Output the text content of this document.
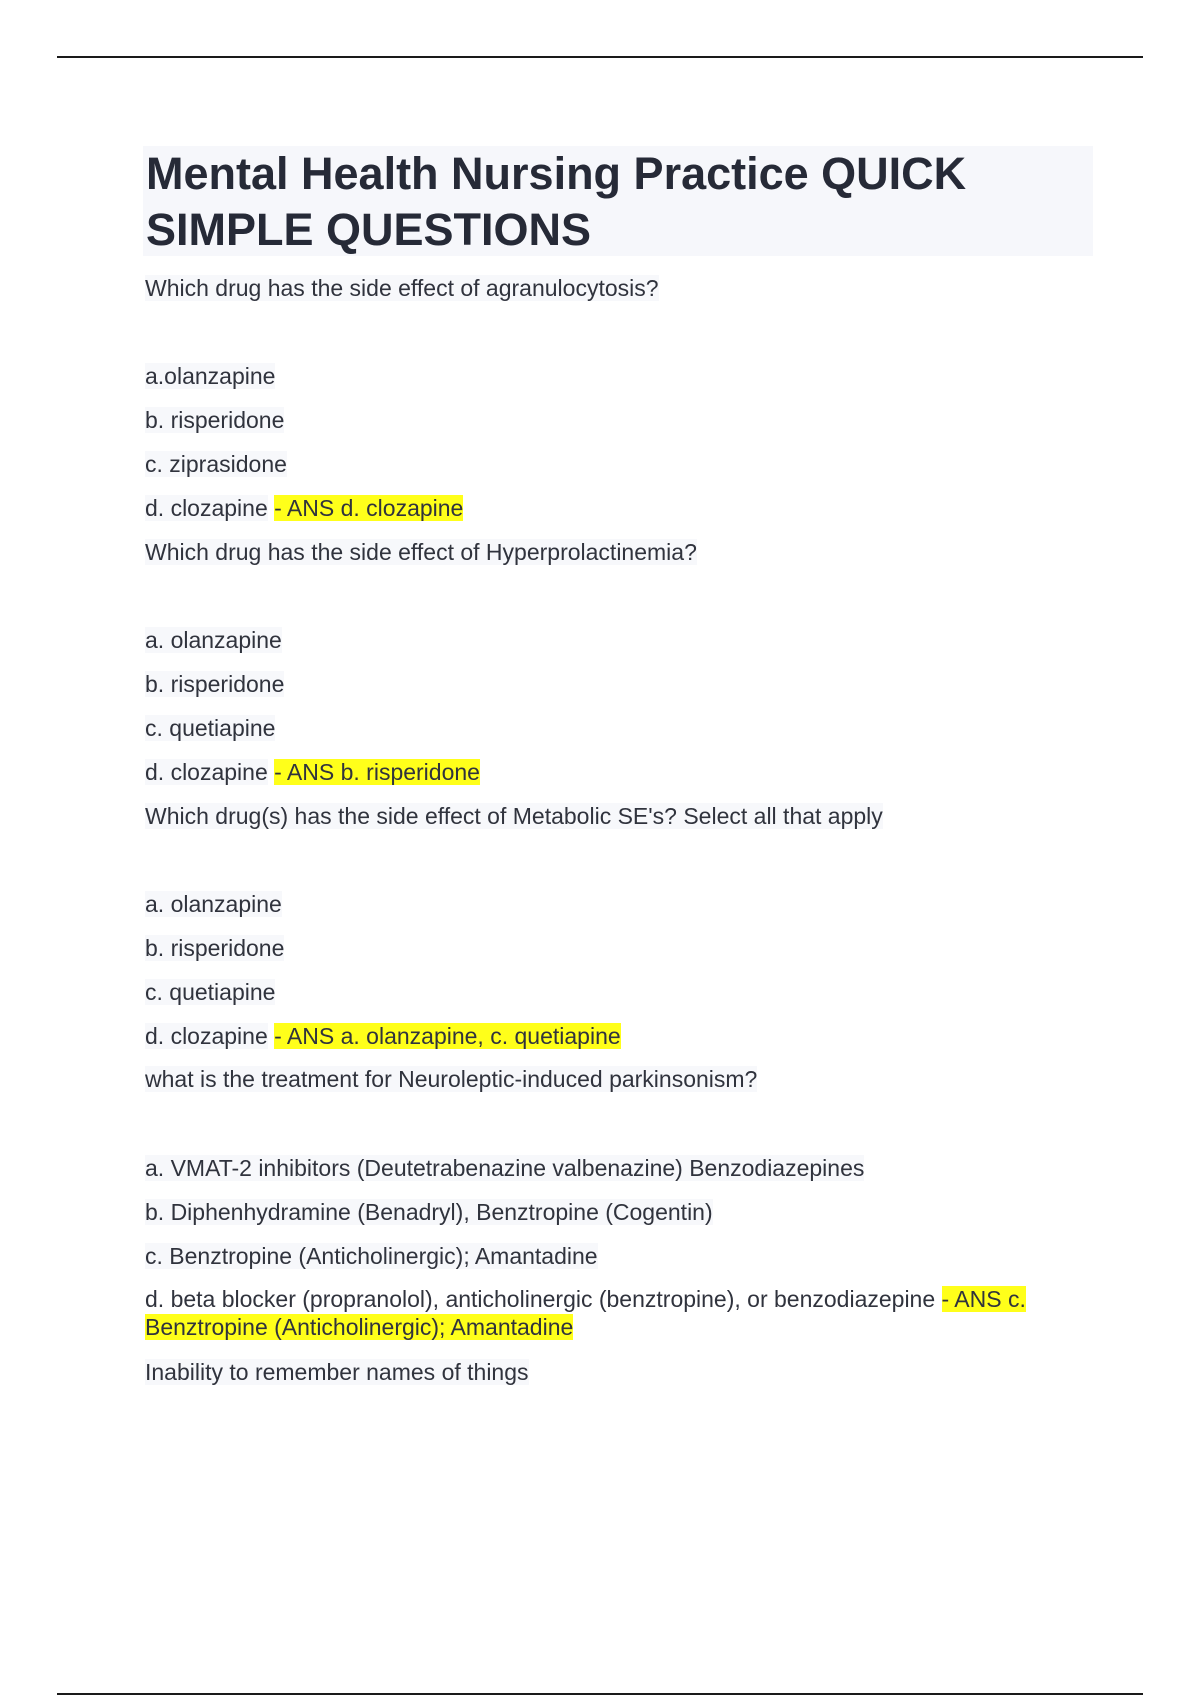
Mental Health Nursing Practice QUICK SIMPLE QUESTIONS
Which drug has the side effect of agranulocytosis?
a.olanzapine
b. risperidone
c. ziprasidone
d. clozapine - ANS d. clozapine
Which drug has the side effect of Hyperprolactinemia?
a. olanzapine
b. risperidone
c. quetiapine
d. clozapine - ANS b. risperidone
Which drug(s) has the side effect of Metabolic SE's? Select all that apply
a. olanzapine
b. risperidone
c. quetiapine
d. clozapine - ANS a. olanzapine, c. quetiapine
what is the treatment for Neuroleptic-induced parkinsonism?
a. VMAT-2 inhibitors (Deutetrabenazine valbenazine) Benzodiazepines
b. Diphenhydramine (Benadryl), Benztropine (Cogentin)
c. Benztropine (Anticholinergic); Amantadine
d. beta blocker (propranolol), anticholinergic (benztropine), or benzodiazepine - ANS c. Benztropine (Anticholinergic); Amantadine
Inability to remember names of things
